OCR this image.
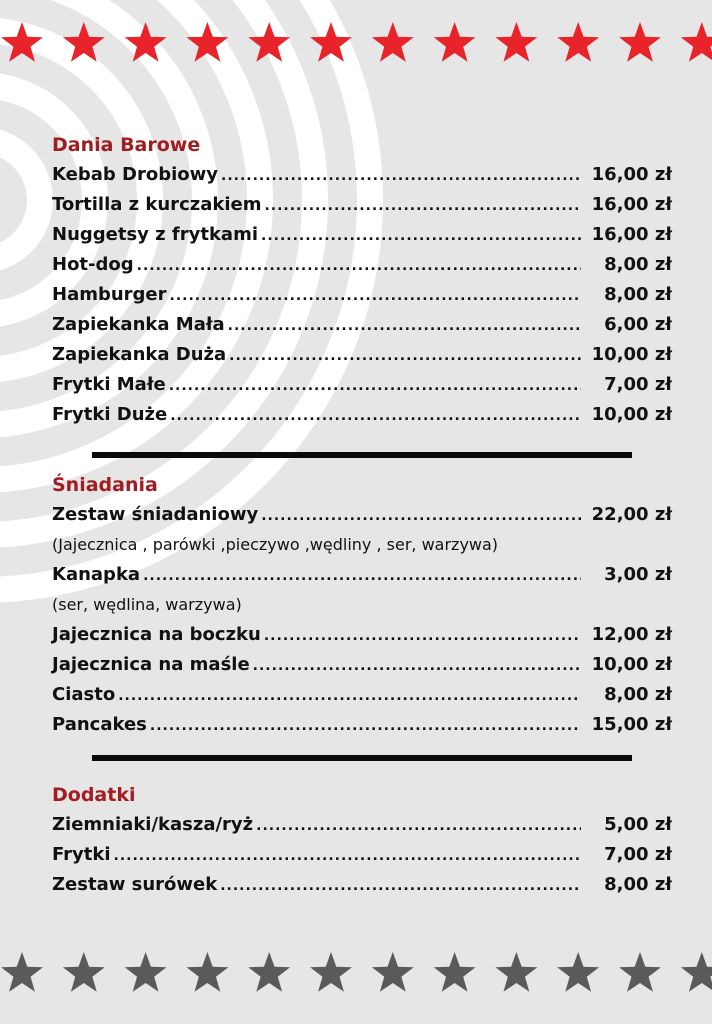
Dania Barowe
Kebab Drobiowy .....	16,00 zł
Tortilla z kurczakiem .....	16,00 zł
Nuggetsy z frytkami .....	16,00 zł
Hot-dog .....	8,00 zł
Hamburger .....	8,00 zł
Zapiekanka Mała .....	6,00 zł
Zapiekanka Duża .....	10,00 zł
Frytki Małe .....	7,00 zł
Frytki Duże .....	10,00 zł
Śniadania
Zestaw śniadaniowy .....	22,00 zł
(Jajecznica , parówki ,pieczywo ,wędliny , ser, warzywa)
Kanapka .....	3,00 zł
(ser, wędlina, warzywa)
Jajecznica na boczku .....	12,00 zł
Jajecznica na maśle .....	10,00 zł
Ciasto .....	8,00 zł
Pancakes .....	15,00 zł
Dodatki
Ziemniaki/kasza/ryż .....	5,00 zł
Frytki .....	7,00 zł
Zestaw surówek .....	8,00 zł
